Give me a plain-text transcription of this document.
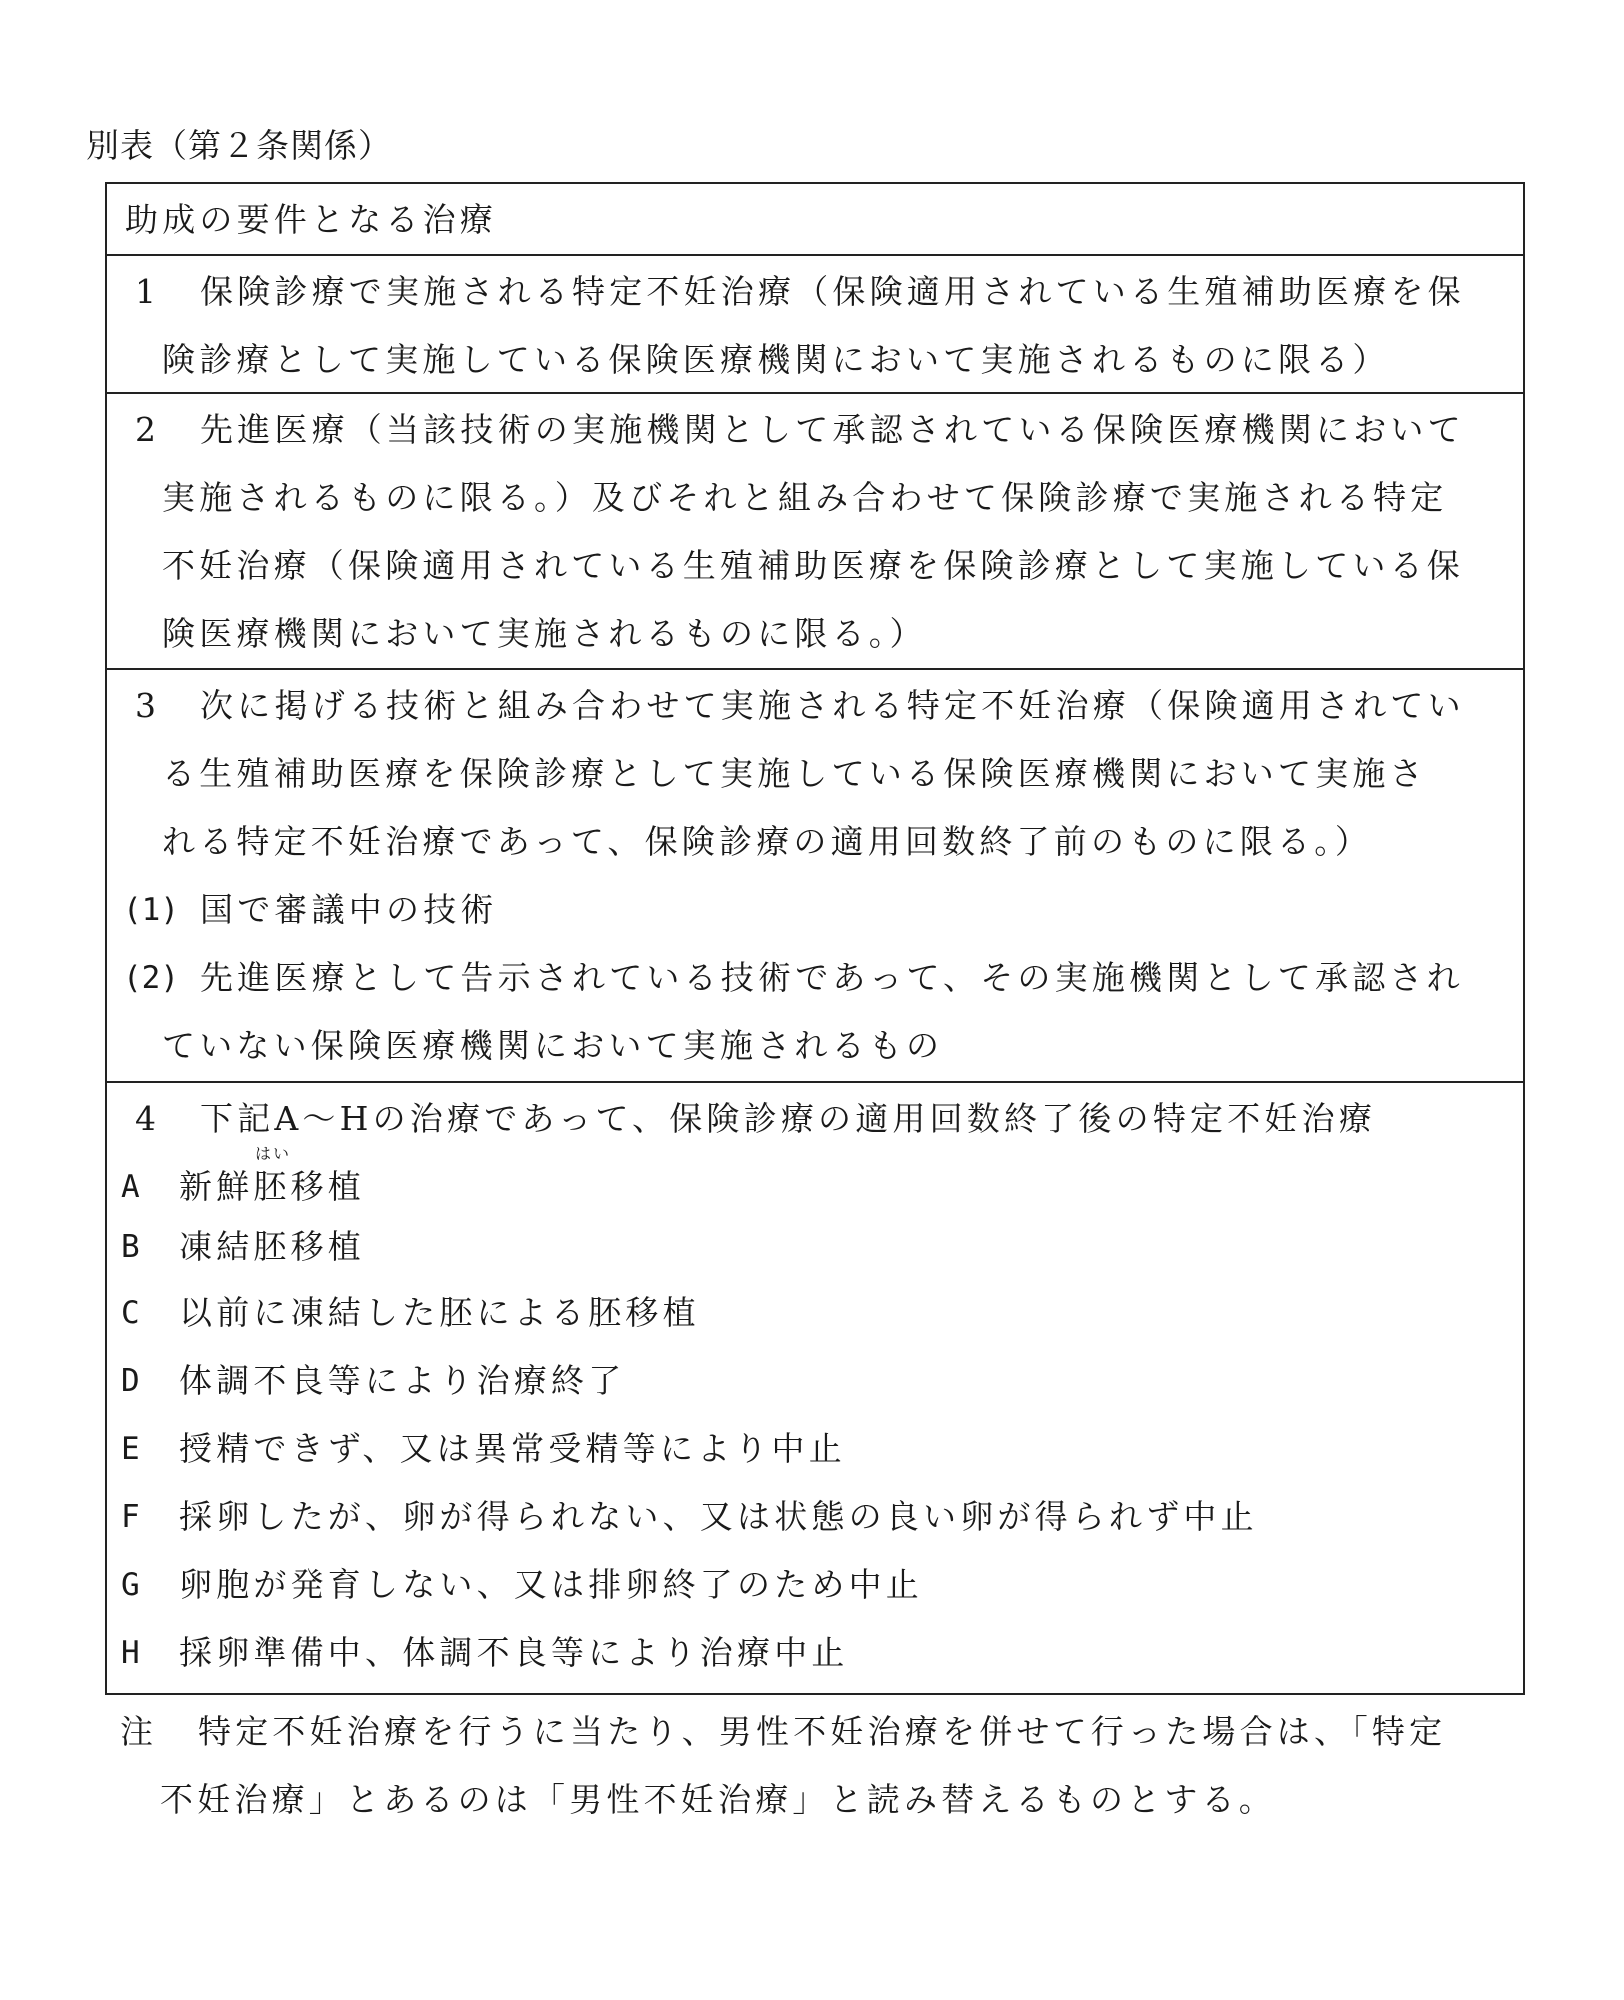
別表（第２条関係）
助成の要件となる治療
1 保険診療で実施される特定不妊治療（保険適用されている生殖補助医療を保
険診療として実施している保険医療機関において実施されるものに限る）
2 先進医療（当該技術の実施機関として承認されている保険医療機関において
実施されるものに限る。）及びそれと組み合わせて保険診療で実施される特定
不妊治療（保険適用されている生殖補助医療を保険診療として実施している保
険医療機関において実施されるものに限る。）
3 次に掲げる技術と組み合わせて実施される特定不妊治療（保険適用されてい
る生殖補助医療を保険診療として実施している保険医療機関において実施さ
れる特定不妊治療であって、保険診療の適用回数終了前のものに限る。）
(1) 国で審議中の技術
(2) 先進医療として告示されている技術であって、その実施機関として承認され
ていない保険医療機関において実施されるもの
4 下記A～Hの治療であって、保険診療の適用回数終了後の特定不妊治療
はい
A 新鮮胚移植
B 凍結胚移植
C 以前に凍結した胚による胚移植
D 体調不良等により治療終了
E 授精できず、又は異常受精等により中止
F 採卵したが、卵が得られない、又は状態の良い卵が得られず中止
G 卵胞が発育しない、又は排卵終了のため中止
H 採卵準備中、体調不良等により治療中止
注 特定不妊治療を行うに当たり、男性不妊治療を併せて行った場合は、「特定
不妊治療」とあるのは「男性不妊治療」と読み替えるものとする。
